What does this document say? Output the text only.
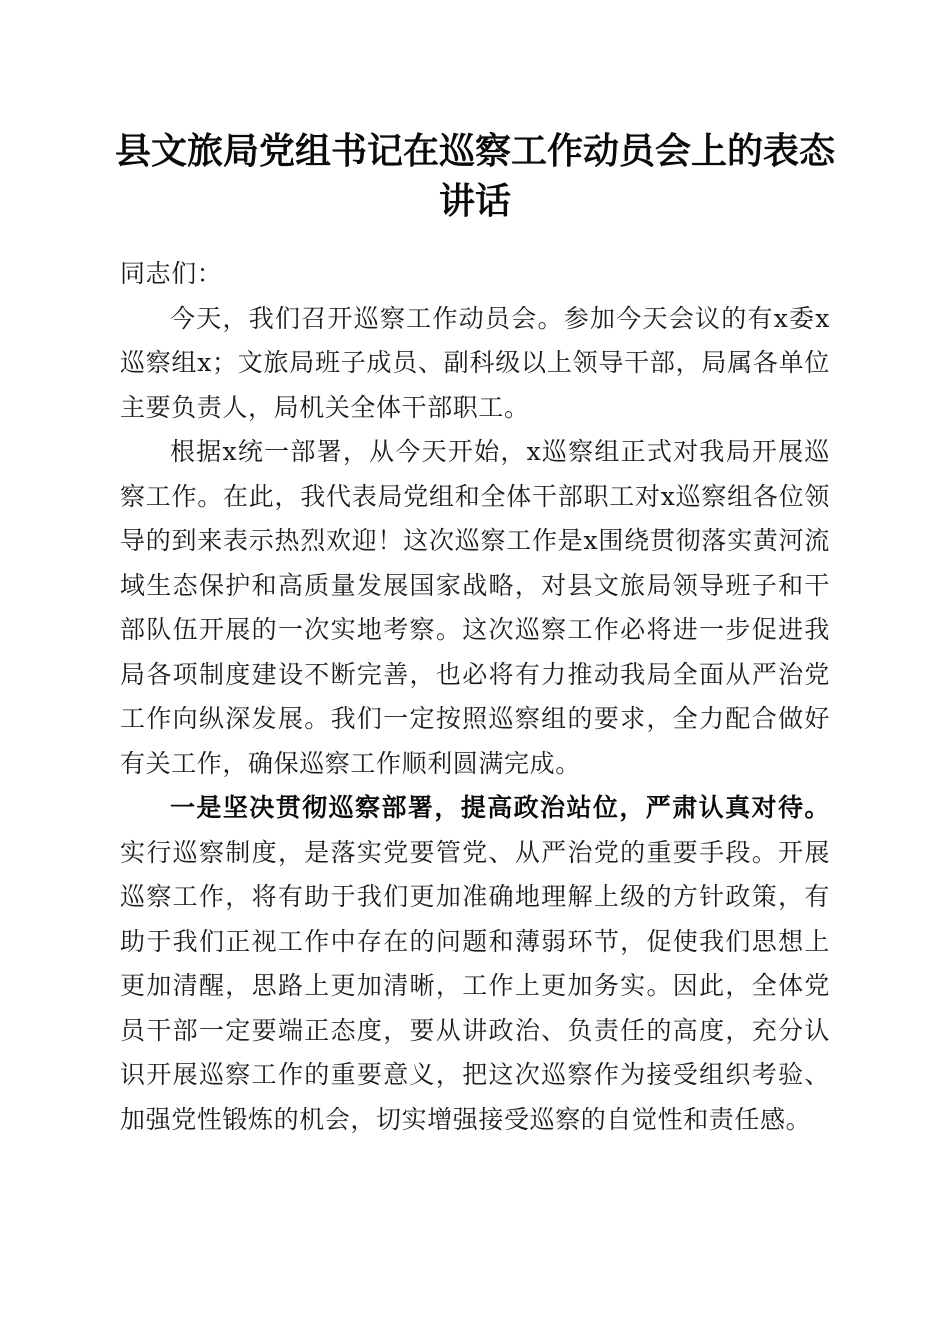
县文旅局党组书记在巡察工作动员会上的表态
讲话

同志们：

今天，我们召开巡察工作动员会。参加今天会议的有x委x巡察组x；文旅局班子成员、副科级以上领导干部，局属各单位主要负责人，局机关全体干部职工。

根据x统一部署，从今天开始，x巡察组正式对我局开展巡察工作。在此，我代表局党组和全体干部职工对x巡察组各位领导的到来表示热烈欢迎！这次巡察工作是x围绕贯彻落实黄河流域生态保护和高质量发展国家战略，对县文旅局领导班子和干部队伍开展的一次实地考察。这次巡察工作必将进一步促进我局各项制度建设不断完善，也必将有力推动我局全面从严治党工作向纵深发展。我们一定按照巡察组的要求，全力配合做好有关工作，确保巡察工作顺利圆满完成。

一是坚决贯彻巡察部署，提高政治站位，严肃认真对待。实行巡察制度，是落实党要管党、从严治党的重要手段。开展巡察工作，将有助于我们更加准确地理解上级的方针政策，有助于我们正视工作中存在的问题和薄弱环节，促使我们思想上更加清醒，思路上更加清晰，工作上更加务实。因此，全体党员干部一定要端正态度，要从讲政治、负责任的高度，充分认识开展巡察工作的重要意义，把这次巡察作为接受组织考验、加强党性锻炼的机会，切实增强接受巡察的自觉性和责任感。
